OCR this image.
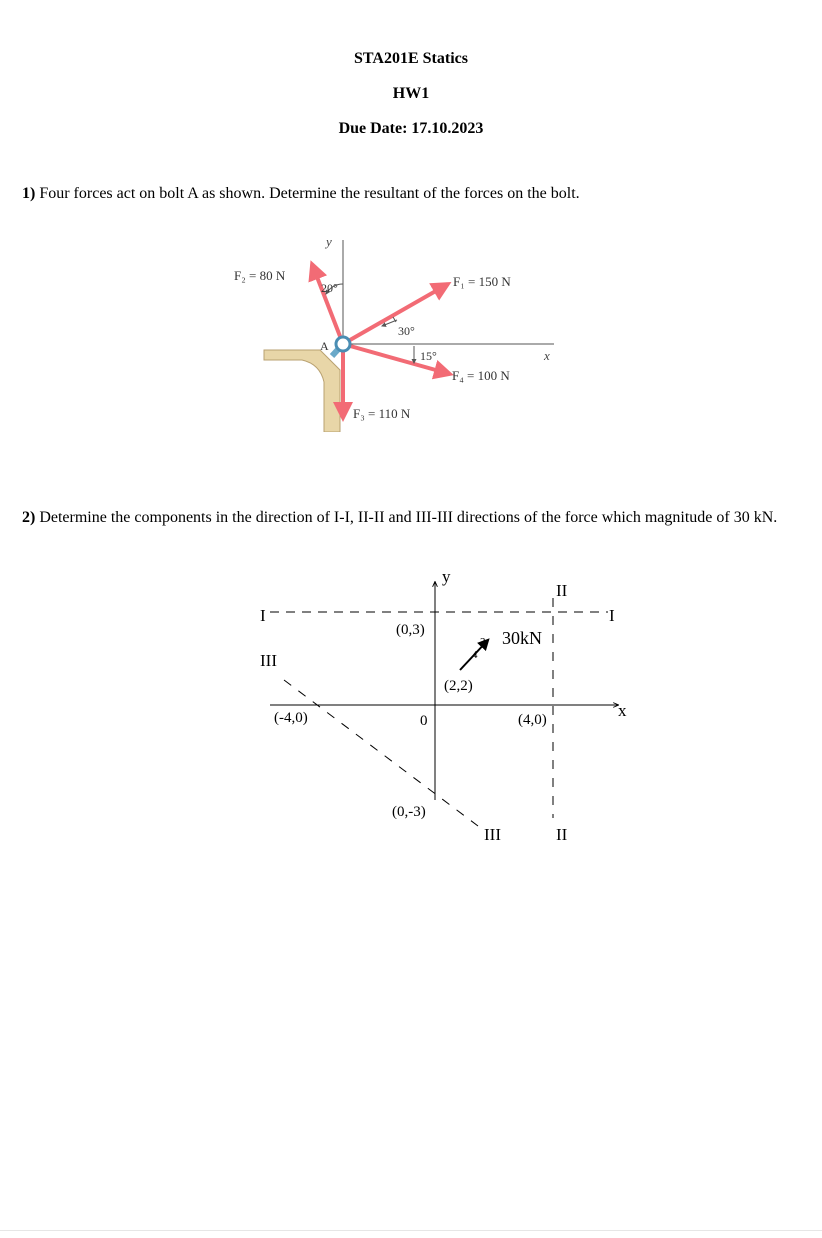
STA201E Statics
HW1
Due Date: 17.10.2023
1) Four forces act on bolt A as shown. Determine the resultant of the forces on the bolt.
y
x
A
20°
30°
15°
F₁ = 150 N
F₂ = 80 N
F₃ = 110 N
F₄ = 100 N
2) Determine the components in the direction of I-I, II-II and III-III directions of the force which magnitude of 30 kN.
y
x
I	I
II
II
III
III
(0,3)
(0,-3)
(-4,0)	(4,0)
0
(2,2)
30kN
3
4
